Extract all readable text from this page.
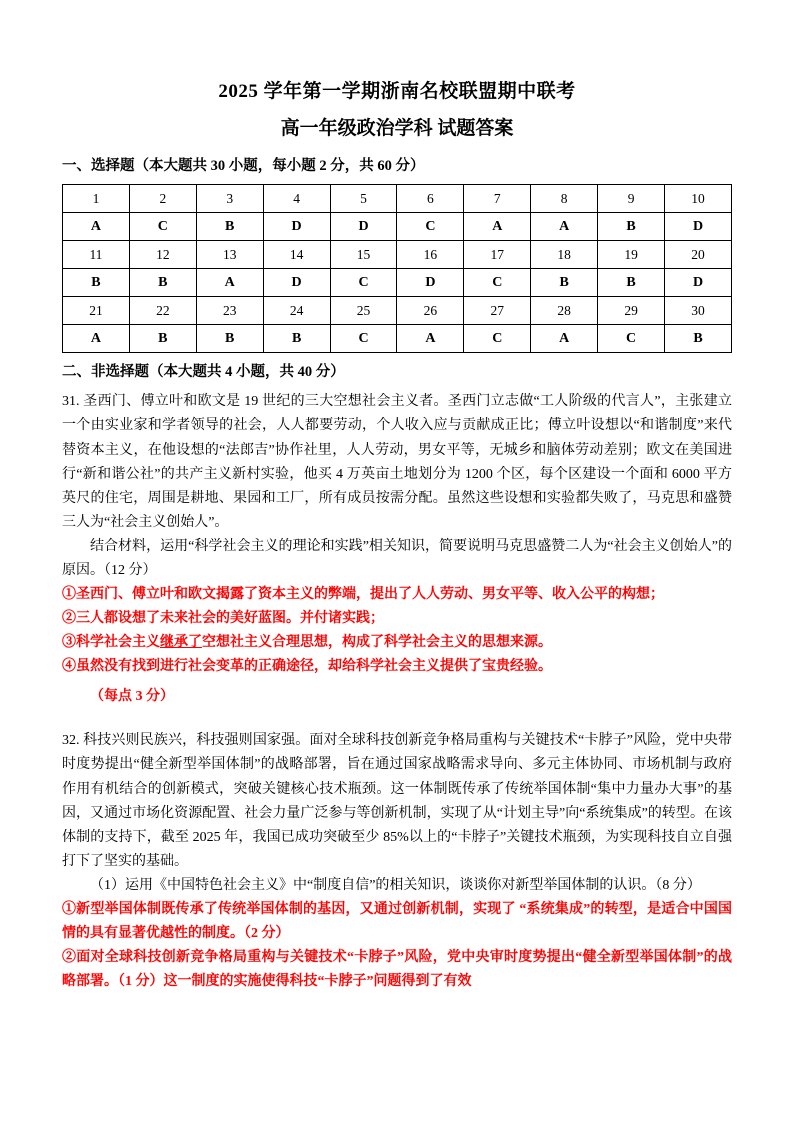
2025 学年第一学期浙南名校联盟期中联考
高一年级政治学科 试题答案
一、选择题（本大题共 30 小题，每小题 2 分，共 60 分）
1	2	3	4	5	6	7	8	9	10
A	C	B	D	D	C	A	A	B	D
11	12	13	14	15	16	17	18	19	20
B	B	A	D	C	D	C	B	B	D
21	22	23	24	25	26	27	28	29	30
A	B	B	B	C	A	C	A	C	B
二、非选择题（本大题共 4 小题，共 40 分）

31. 圣西门、傅立叶和欧文是 19 世纪的三大空想社会主义者。圣西门立志做“工人阶级的代言人”，主张建立一个由实业家和学者领导的社会，人人都要劳动，个人收入应与贡献成正比；傅立叶设想以“和谐制度”来代替资本主义，在他设想的“法郎吉”协作社里，人人劳动，男女平等，无城乡和脑体劳动差别；欧文在美国进行“新和谐公社”的共产主义新村实验，他买 4 万英亩土地划分为 1200 个区，每个区建设一个面和 6000 平方英尺的住宅，周围是耕地、果园和工厂，所有成员按需分配。虽然这些设想和实验都失败了，马克思和盛赞三人为“社会主义创始人”。

结合材料，运用“科学社会主义的理论和实践”相关知识，简要说明马克思盛赞二人为“社会主义创始人”的原因。（12 分）

①圣西门、傅立叶和欧文揭露了资本主义的弊端，提出了人人劳动、男女平等、收入公平的构想；

②三人都设想了未来社会的美好蓝图。并付诸实践；

③科学社会主义继承了空想社主义合理思想，构成了科学社会主义的思想来源。

④虽然没有找到进行社会变革的正确途径，却给科学社会主义提供了宝贵经验。

（每点 3 分）

32. 科技兴则民族兴，科技强则国家强。面对全球科技创新竞争格局重构与关键技术“卡脖子”风险，党中央带时度势提出“健全新型举国体制”的战略部署，旨在通过国家战略需求导向、多元主体协同、市场机制与政府作用有机结合的创新模式，突破关键核心技术瓶颈。这一体制既传承了传统举国体制“集中力量办大事”的基因，又通过市场化资源配置、社会力量广泛参与等创新机制，实现了从“计划主导”向“系统集成”的转型。在该体制的支持下，截至 2025 年，我国已成功突破至少 85%以上的“卡脖子”关键技术瓶颈，为实现科技自立自强打下了坚实的基础。

（1）运用《中国特色社会主义》中“制度自信”的相关知识，谈谈你对新型举国体制的认识。（8 分）

①新型举国体制既传承了传统举国体制的基因，又通过创新机制，实现了 “系统集成”的转型，是适合中国国情的具有显著优越性的制度。（2 分）

②面对全球科技创新竞争格局重构与关键技术“卡脖子”风险，党中央审时度势提出“健全新型举国体制”的战略部署。（1 分）这一制度的实施使得科技“卡脖子”问题得到了有效
